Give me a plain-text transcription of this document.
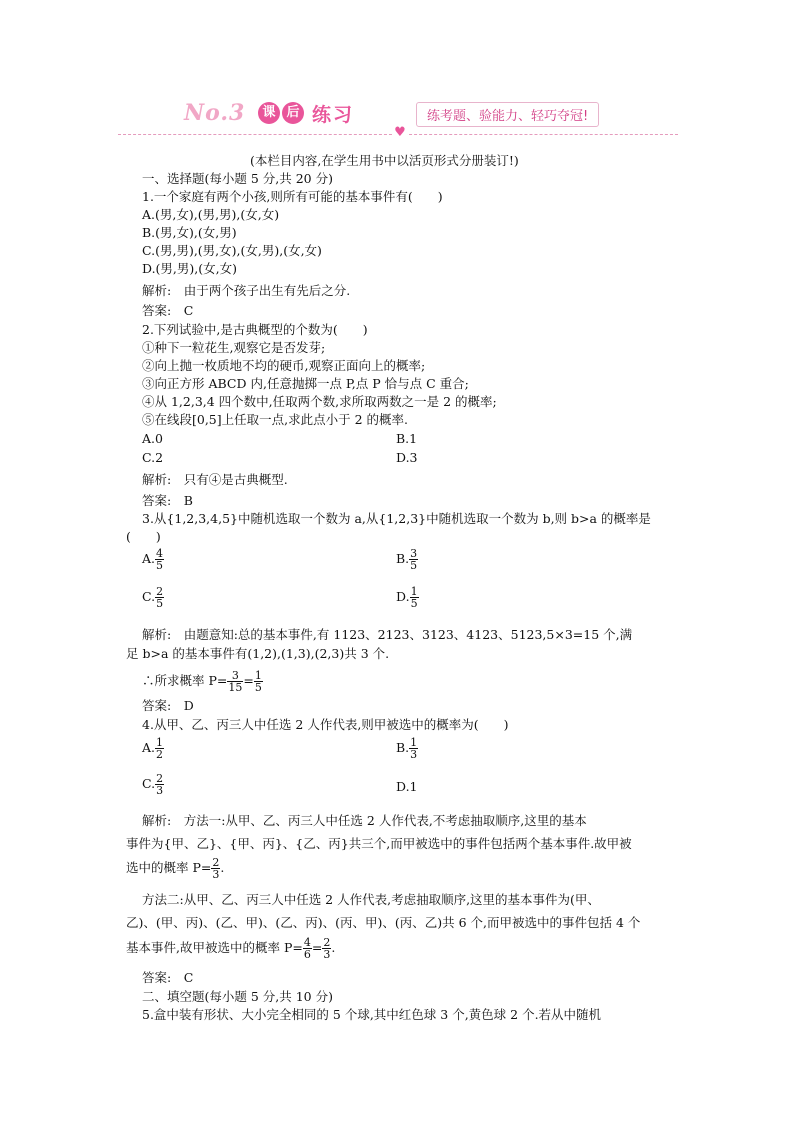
No.3	课 后 练习	练考题、验能力、轻巧夺冠!
♥
(本栏目内容,在学生用书中以活页形式分册装订!)
一、选择题(每小题 5 分,共 20 分)
1.一个家庭有两个小孩,则所有可能的基本事件有(　　)
A.(男,女),(男,男),(女,女)
B.(男,女),(女,男)
C.(男,男),(男,女),(女,男),(女,女)
D.(男,男),(女,女)
解析:　由于两个孩子出生有先后之分.
答案:　C
2.下列试验中,是古典概型的个数为(　　)
①种下一粒花生,观察它是否发芽;
②向上抛一枚质地不均的硬币,观察正面向上的概率;
③向正方形 ABCD 内,任意抛掷一点 P,点 P 恰与点 C 重合;
④从 1,2,3,4 四个数中,任取两个数,求所取两数之一是 2 的概率;
⑤在线段[0,5]上任取一点,求此点小于 2 的概率.
A.0	B.1
C.2	D.3
解析:　只有④是古典概型.
答案:　B
3.从{1,2,3,4,5}中随机选取一个数为 a,从{1,2,3}中随机选取一个数为 b,则 b>a 的概率是(　　)
A. $\frac{4}{5}$	B. $\frac{3}{5}$
C. $\frac{2}{5}$	D. $\frac{1}{5}$
解析:　由题意知:总的基本事件,有 1123、2123、3123、4123、5123,5×3=15 个,满
足 b>a 的基本事件有(1,2),(1,3),(2,3)共 3 个.
∴所求概率 $P= \frac{3}{15} = \frac{1}{5}$
答案:　D
4.从甲、乙、丙三人中任选 2 人作代表,则甲被选中的概率为(　　)
A. $\frac{1}{2}$	B. $\frac{1}{3}$
C. $\frac{2}{3}$	D.1
解析:　方法一:从甲、乙、丙三人中任选 2 人作代表,不考虑抽取顺序,这里的基本
事件为{甲、乙}、{甲、丙}、{乙、丙}共三个,而甲被选中的事件包括两个基本事件.故甲被
选中的概率 $P= \frac{2}{3}$ .
方法二:从甲、乙、丙三人中任选 2 人作代表,考虑抽取顺序,这里的基本事件为(甲、
乙)、(甲、丙)、(乙、甲)、(乙、丙)、(丙、甲)、(丙、乙)共 6 个,而甲被选中的事件包括 4 个
基本事件,故甲被选中的概率 $P= \frac{4}{6} = \frac{2}{3}$ .
答案:　C
二、填空题(每小题 5 分,共 10 分)
5.盒中装有形状、大小完全相同的 5 个球,其中红色球 3 个,黄色球 2 个.若从中随机
